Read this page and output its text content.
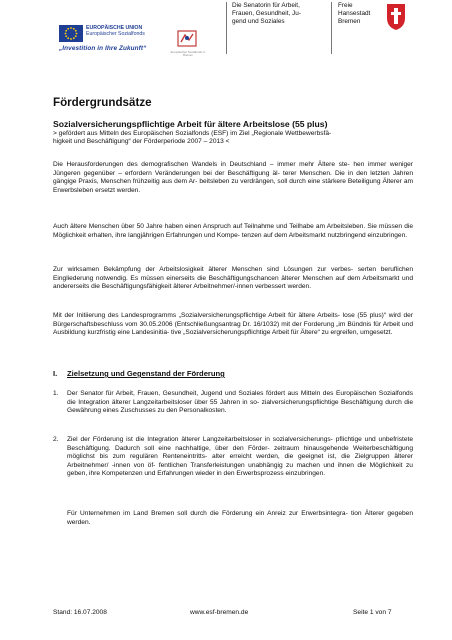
EUROPÄISCHE UNION
Europäischer Sozialfonds
„Investition in Ihre Zukunft“	Europäischer Sozialfonds in Bremen
Die Senatorin für Arbeit,
Frauen, Gesundheit, Ju-
gend und Soziales
Freie
Hansestadt
Bremen
Fördergrundsätze
Sozialversicherungspflichtige Arbeit für ältere Arbeitslose (55 plus)

> gefördert aus Mitteln des Europäischen Sozialfonds (ESF) im Ziel „Regionale Wettbewerbsfä-
higkeit und Beschäftigung“ der Förderperiode 2007 – 2013 <

Die Herausforderungen des demografischen Wandels in Deutschland – immer mehr Ältere ste- hen immer weniger Jüngeren gegenüber – erfordern Veränderungen bei der Beschäftigung äl- terer Menschen. Die in den letzten Jahren gängige Praxis, Menschen frühzeitig aus dem Ar- beitsleben zu verdrängen, soll durch eine stärkere Beteiligung Älterer am Erwerbsleben ersetzt werden.

Auch ältere Menschen über 50 Jahre haben einen Anspruch auf Teilnahme und Teilhabe am Arbeitsleben. Sie müssen die Möglichkeit erhalten, ihre langjährigen Erfahrungen und Kompe- tenzen auf dem Arbeitsmarkt nutzbringend einzubringen.

Zur wirksamen Bekämpfung der Arbeitslosigkeit älterer Menschen sind Lösungen zur verbes- serten beruflichen Eingliederung notwendig. Es müssen einerseits die Beschäftigungschancen älterer Menschen auf dem Arbeitsmarkt und andererseits die Beschäftigungsfähigkeit älterer Arbeitnehmer/-innen verbessert werden.

Mit der Initiierung des Landesprogramms „Sozialversicherungspflichtige Arbeit für ältere Arbeits- lose (55 plus)“ wird der Bürgerschaftsbeschluss vom 30.05.2006 (Entschließungsantrag Dr. 16/1032) mit der Forderung „im Bündnis für Arbeit und Ausbildung kurzfristig eine Landesinitia- tive „Sozialversicherungspflichtige Arbeit für Ältere“ zu ergreifen, umgesetzt.

I. Zielsetzung und Gegenstand der Förderung
1.	Der Senator für Arbeit, Frauen, Gesundheit, Jugend und Soziales fördert aus Mitteln des Europäischen Sozialfonds die Integration älterer Langzeitarbeitsloser über 55 Jahren in so- zialversicherungspflichtige Beschäftigung durch die Gewährung eines Zuschusses zu den Personalkosten.
2.	Ziel der Förderung ist die Integration älterer Langzeitarbeitsloser in sozialversicherungs- pflichtige und unbefristete Beschäftigung. Dadurch soll eine nachhaltige, über den Förder- zeitraum hinausgehende Weiterbeschäftigung möglichst bis zum regulären Renteneintritts- alter erreicht werden, die geeignet ist, die Zielgruppen älterer Arbeitnehmer/ -innen von öf- fentlichen Transferleistungen unabhängig zu machen und ihnen die Möglichkeit zu geben, ihre Kompetenzen und Erfahrungen wieder in den Erwerbsprozess einzubringen.

Für Unternehmen im Land Bremen soll durch die Förderung ein Anreiz zur Erwerbsintegra- tion Älterer gegeben werden.

Stand: 16.07.2008	www.esf-bremen.de	Seite 1 von 7
